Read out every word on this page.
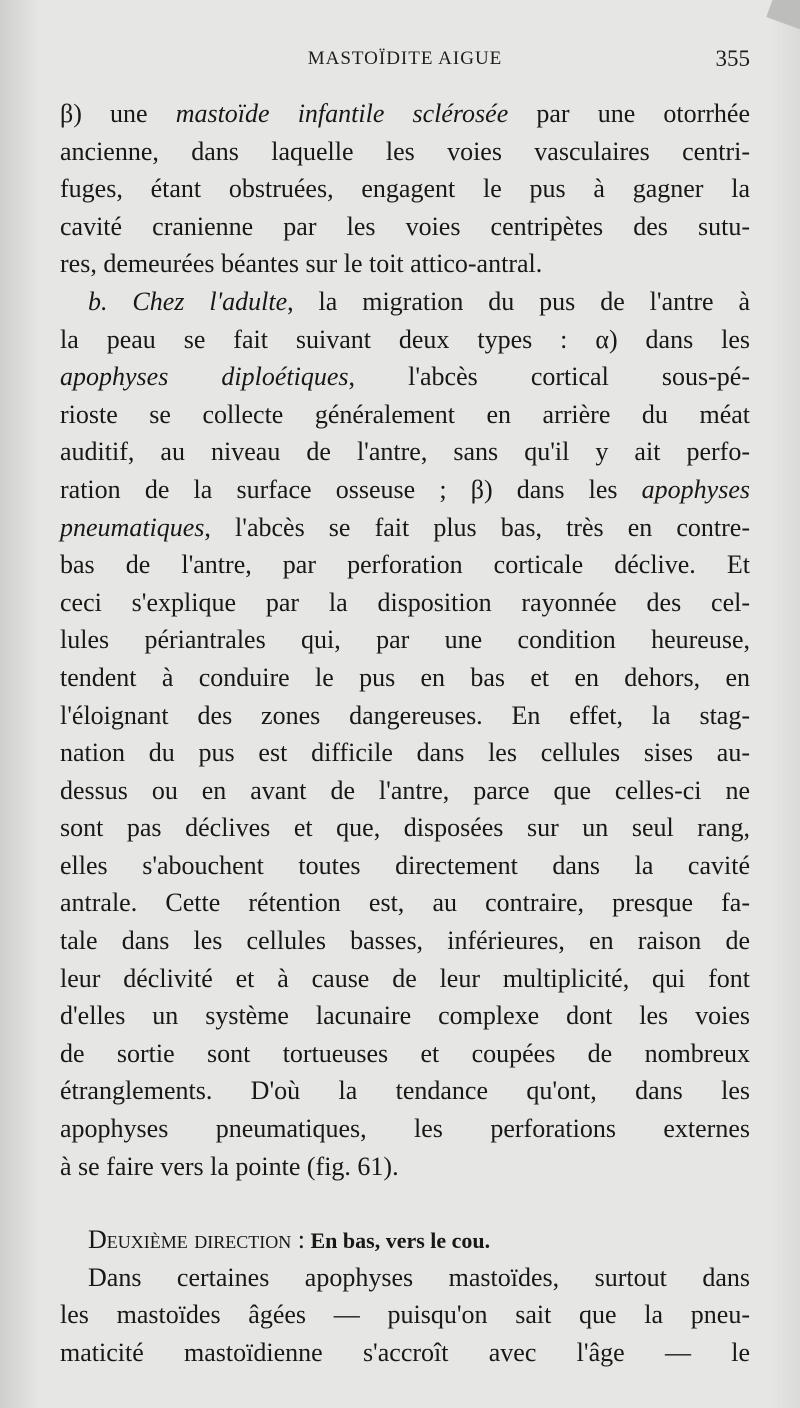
MASTOÏDITE AIGUE	355
β) une mastoïde infantile sclérosée par une otorrhée
ancienne, dans laquelle les voies vasculaires centri-
fuges, étant obstruées, engagent le pus à gagner la
cavité cranienne par les voies centripètes des sutu-
res, demeurées béantes sur le toit attico-antral.
b. Chez l'adulte, la migration du pus de l'antre à
la peau se fait suivant deux types : α) dans les
apophyses diploétiques, l'abcès cortical sous-pé-
rioste se collecte généralement en arrière du méat
auditif, au niveau de l'antre, sans qu'il y ait perfo-
ration de la surface osseuse ; β) dans les apophyses
pneumatiques, l'abcès se fait plus bas, très en contre-
bas de l'antre, par perforation corticale déclive. Et
ceci s'explique par la disposition rayonnée des cel-
lules périantrales qui, par une condition heureuse,
tendent à conduire le pus en bas et en dehors, en
l'éloignant des zones dangereuses. En effet, la stag-
nation du pus est difficile dans les cellules sises au-
dessus ou en avant de l'antre, parce que celles-ci ne
sont pas déclives et que, disposées sur un seul rang,
elles s'abouchent toutes directement dans la cavité
antrale. Cette rétention est, au contraire, presque fa-
tale dans les cellules basses, inférieures, en raison de
leur déclivité et à cause de leur multiplicité, qui font
d'elles un système lacunaire complexe dont les voies
de sortie sont tortueuses et coupées de nombreux
étranglements. D'où la tendance qu'ont, dans les
apophyses pneumatiques, les perforations externes
à se faire vers la pointe (fig. 61).
Deuxième direction : En bas, vers le cou.
Dans certaines apophyses mastoïdes, surtout dans
les mastoïdes âgées — puisqu'on sait que la pneu-
maticité mastoïdienne s'accroît avec l'âge — le
